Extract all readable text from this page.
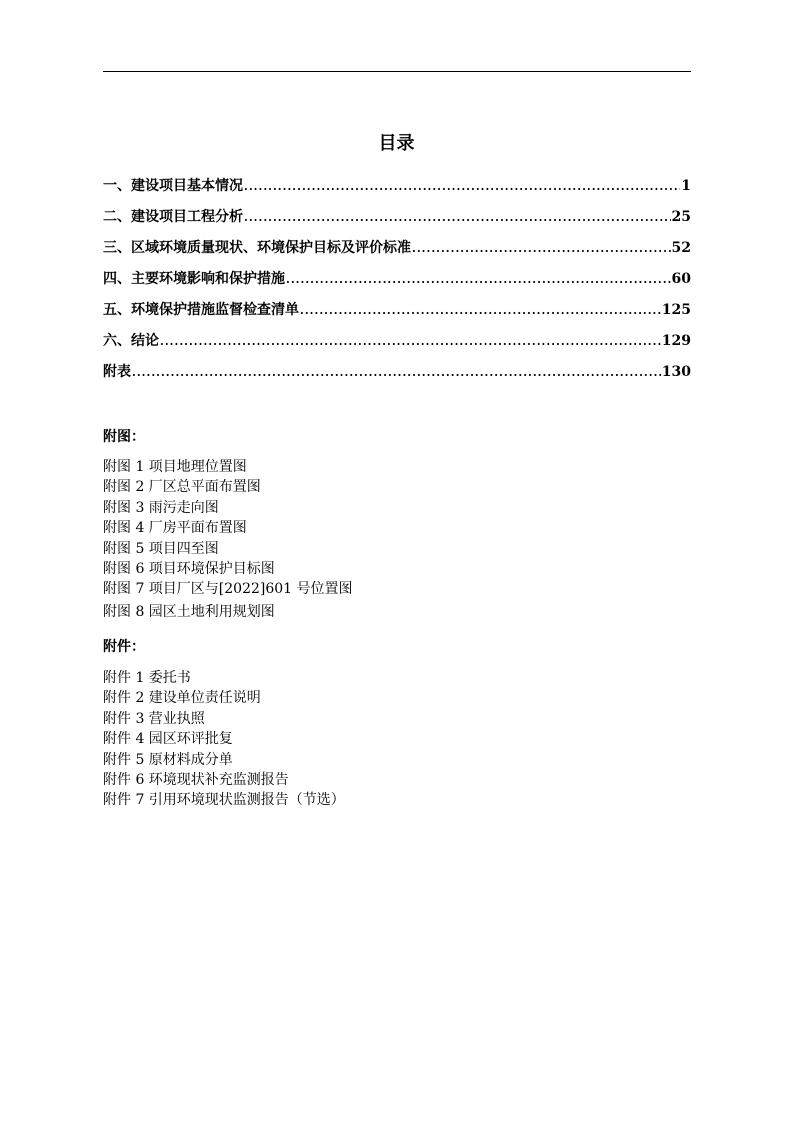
目录
一、建设项目基本情况 .....	1
二、建设项目工程分析 .....	25
三、区域环境质量现状、环境保护目标及评价标准 .....	52
四、主要环境影响和保护措施 .....	60
五、环境保护措施监督检查清单 .....	125
六、结论 .....	129
附表 .....	130
附图：
附图 1 项目地理位置图
附图 2 厂区总平面布置图
附图 3 雨污走向图
附图 4 厂房平面布置图
附图 5 项目四至图
附图 6 项目环境保护目标图
附图 7 项目厂区与[2022]601 号位置图
附图 8 园区土地利用规划图
附件：
附件 1 委托书
附件 2 建设单位责任说明
附件 3 营业执照
附件 4 园区环评批复
附件 5 原材料成分单
附件 6 环境现状补充监测报告
附件 7 引用环境现状监测报告（节选）
